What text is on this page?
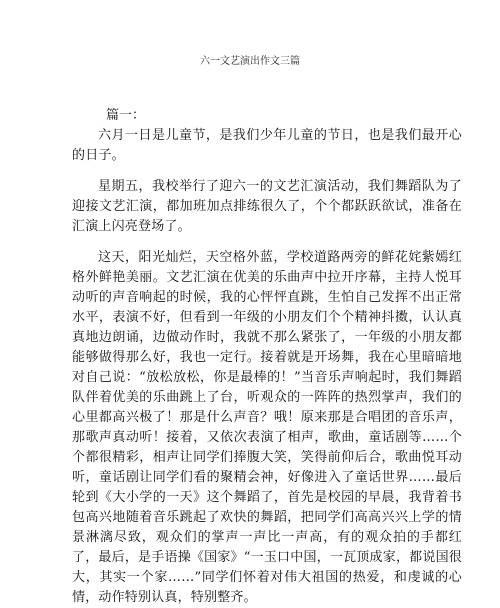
六一文艺演出作文三篇
篇一：

六月一日是儿童节，是我们少年儿童的节日，也是我们最开心的日子。

星期五，我校举行了迎六一的文艺汇演活动，我们舞蹈队为了迎接文艺汇演，都加班加点排练很久了，个个都跃跃欲试，准备在汇演上闪亮登场了。

这天，阳光灿烂，天空格外蓝，学校道路两旁的鲜花姹紫嫣红格外鲜艳美丽。文艺汇演在优美的乐曲声中拉开序幕，主持人悦耳动听的声音响起的时候，我的心怦怦直跳，生怕自己发挥不出正常水平，表演不好，但看到一年级的小朋友们个个精神抖擞，认认真真地边朗诵，边做动作时，我就不那么紧张了，一年级的小朋友都能够做得那么好，我也一定行。接着就是开场舞，我在心里暗暗地对自己说：“放松放松，你是最棒的！”当音乐声响起时，我们舞蹈队伴着优美的乐曲跳上了台，听观众的一阵阵的热烈掌声，我们的心里都高兴极了！那是什么声音？哦！原来那是合唱团的音乐声，那歌声真动听！接着，又依次表演了相声，歌曲，童话剧等……个个都很精彩，相声让同学们捧腹大笑，笑得前仰后合，歌曲悦耳动听，童话剧让同学们看的聚精会神，好像进入了童话世界……最后轮到《大小学的一天》这个舞蹈了，首先是校园的早晨，我背着书包高兴地随着音乐跳起了欢快的舞蹈，把同学们高高兴兴上学的情景淋漓尽致，观众们的掌声一声比一声高，有的观众拍的手都红了，最后，是手语操《国家》“一玉口中国，一瓦顶成家，都说国很大，其实一个家……”同学们怀着对伟大祖国的热爱，和虔诚的心情，动作特别认真，特别整齐。
